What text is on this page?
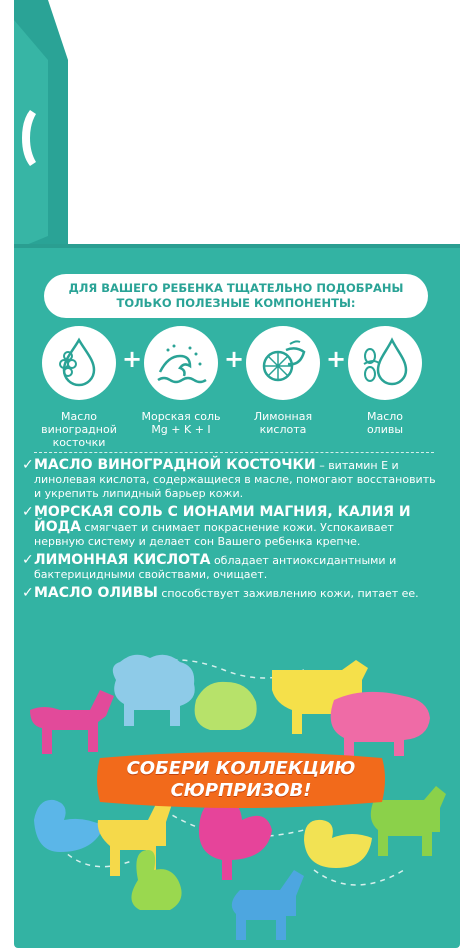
ДЛЯ ВАШЕГО РЕБЕНКА ТЩАТЕЛЬНО ПОДОБРАНЫ
ТОЛЬКО ПОЛЕЗНЫЕ КОМПОНЕНТЫ:
+	+	+
Масло
виноградной
косточки
Морская соль
Mg + K + I
Лимонная
кислота
Масло
оливы

✓МАСЛО ВИНОГРАДНОЙ КОСТОЧКИ – витамин Е и линолевая кислота, содержащиеся в масле, помогают восстановить и укрепить липидный барьер кожи.

✓МОРСКАЯ СОЛЬ С ИОНАМИ МАГНИЯ, КАЛИЯ И ЙОДА смягчает и снимает покраснение кожи. Успокаивает нервную систему и делает сон Вашего ребенка крепче.

✓ЛИМОННАЯ КИСЛОТА обладает антиоксидантными и бактерицидными свойствами, очищает.

✓МАСЛО ОЛИВЫ способствует заживлению кожи, питает ее.

СОБЕРИ КОЛЛЕКЦИЮ
СЮРПРИЗОВ!
